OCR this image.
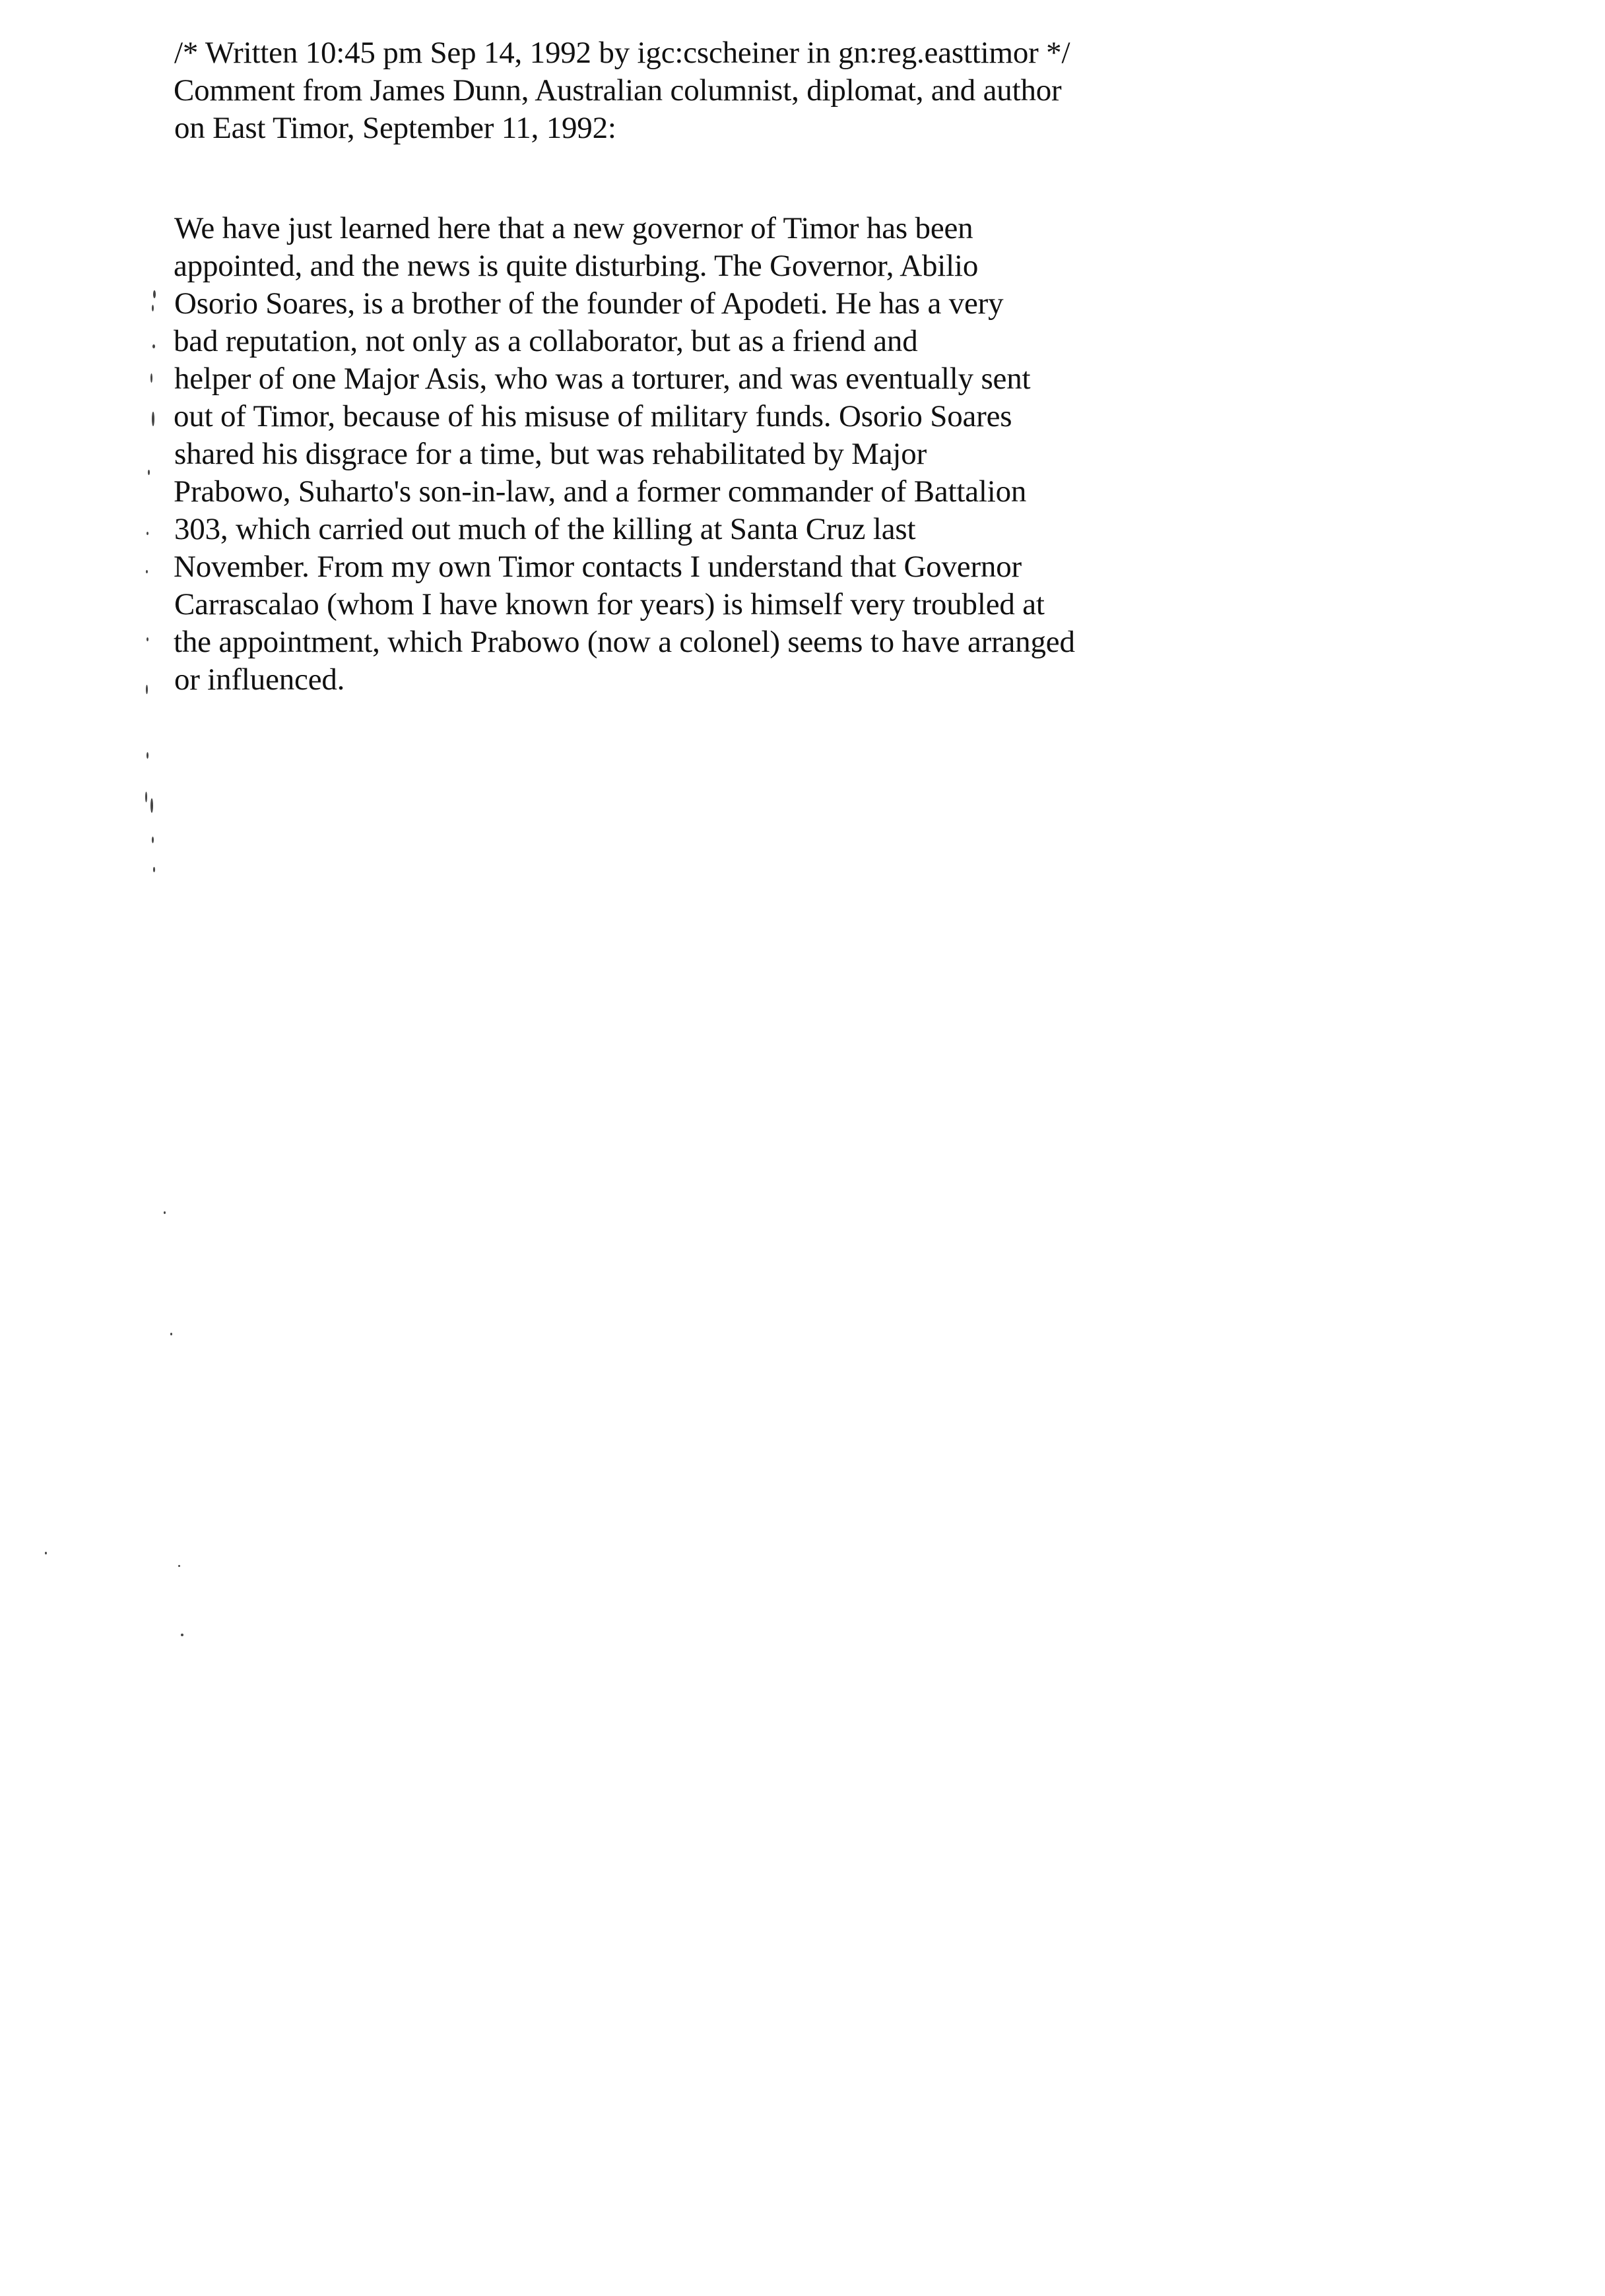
/* Written 10:45 pm Sep 14, 1992 by igc:cscheiner in gn:reg.easttimor */
Comment from James Dunn, Australian columnist, diplomat, and author
on East Timor, September 11, 1992:
We have just learned here that a new governor of Timor has been
appointed, and the news is quite disturbing. The Governor, Abilio
Osorio Soares, is a brother of the founder of Apodeti. He has a very
bad reputation, not only as a collaborator, but as a friend and
helper of one Major Asis, who was a torturer, and was eventually sent
out of Timor, because of his misuse of military funds. Osorio Soares
shared his disgrace for a time, but was rehabilitated by Major
Prabowo, Suharto's son-in-law, and a former commander of Battalion
303, which carried out much of the killing at Santa Cruz last
November. From my own Timor contacts I understand that Governor
Carrascalao (whom I have known for years) is himself very troubled at
the appointment, which Prabowo (now a colonel) seems to have arranged
or influenced.
